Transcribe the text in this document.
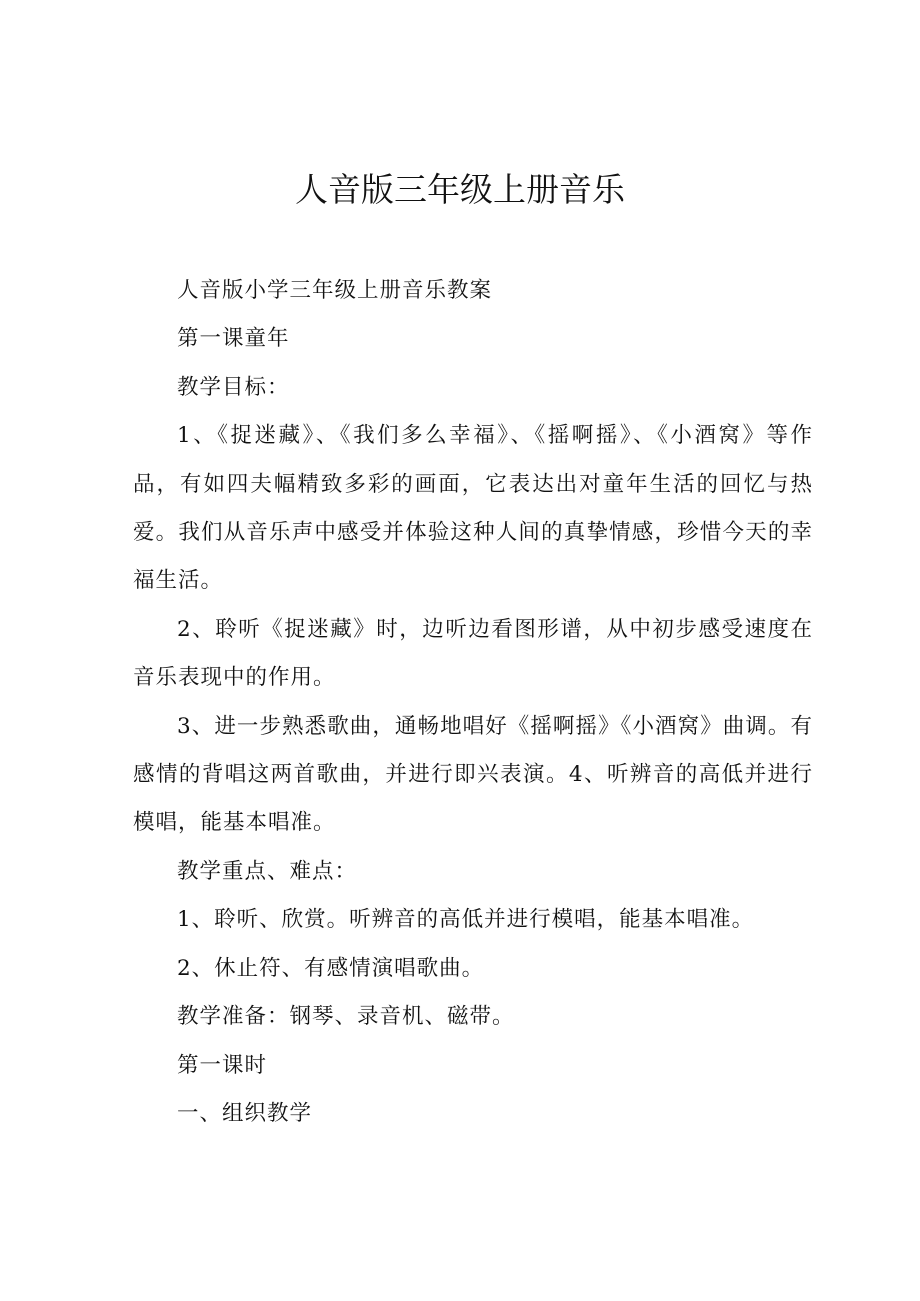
人音版三年级上册音乐

人音版小学三年级上册音乐教案

第一课童年

教学目标：

1、《捉迷藏》、《我们多么幸福》、《摇啊摇》、《小酒窝》等作品，有如四夫幅精致多彩的画面，它表达出对童年生活的回忆与热爱。我们从音乐声中感受并体验这种人间的真挚情感，珍惜今天的幸福生活。

2、聆听《捉迷藏》时，边听边看图形谱，从中初步感受速度在音乐表现中的作用。

3、进一步熟悉歌曲，通畅地唱好《摇啊摇》《小酒窝》曲调。有感情的背唱这两首歌曲，并进行即兴表演。4、听辨音的高低并进行模唱，能基本唱准。

教学重点、难点：

1、聆听、欣赏。听辨音的高低并进行模唱，能基本唱准。

2、休止符、有感情演唱歌曲。

教学准备：钢琴、录音机、磁带。

第一课时

一、组织教学
